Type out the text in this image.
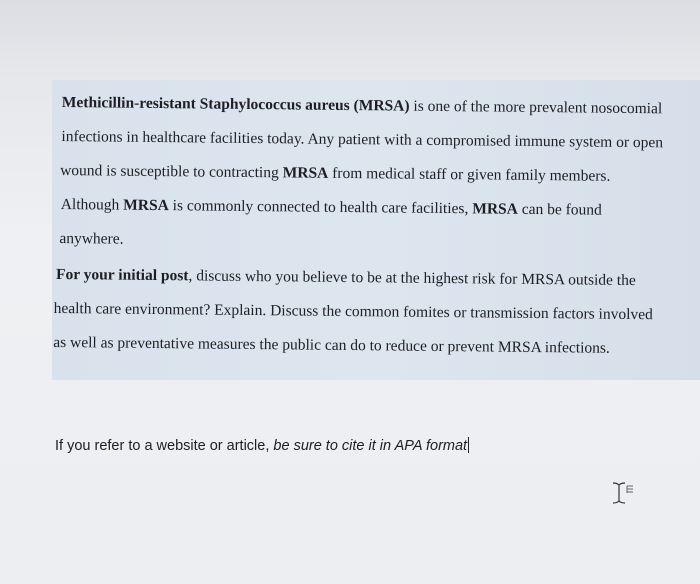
Methicillin-resistant Staphylococcus aureus (MRSA) is one of the more prevalent nosocomial
infections in healthcare facilities today. Any patient with a compromised immune system or open
wound is susceptible to contracting MRSA from medical staff or given family members.
Although MRSA is commonly connected to health care facilities, MRSA can be found
anywhere.
For your initial post, discuss who you believe to be at the highest risk for MRSA outside the
health care environment? Explain. Discuss the common fomites or transmission factors involved
as well as preventative measures the public can do to reduce or prevent MRSA infections.
If you refer to a website or article, be sure to cite it in APA format
